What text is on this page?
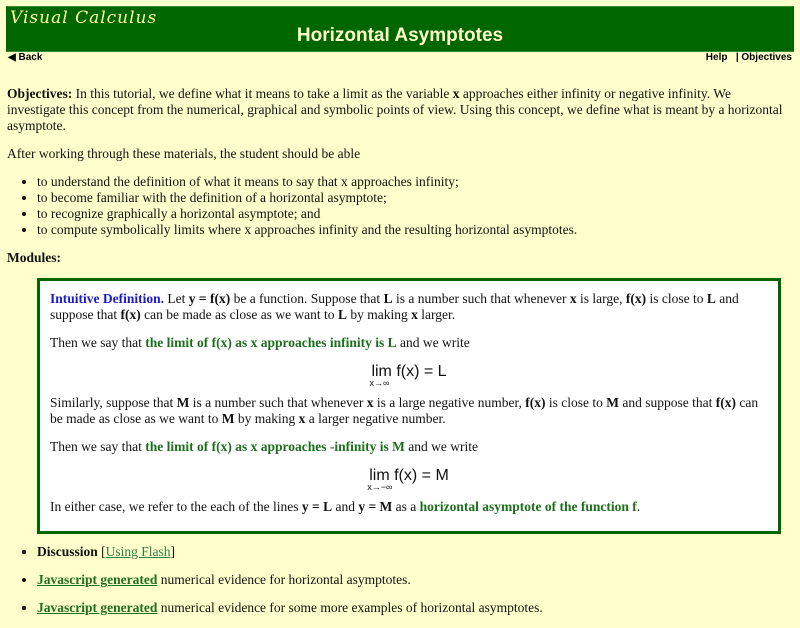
Visual Calculus
Horizontal Asymptotes
◀ Back	Help | Objectives

Objectives: In this tutorial, we define what it means to take a limit as the variable x approaches either infinity or negative infinity. We investigate this concept from the numerical, graphical and symbolic points of view. Using this concept, we define what is meant by a horizontal asymptote.

After working through these materials, the student should be able

• to understand the definition of what it means to say that x approaches infinity;
• to become familiar with the definition of a horizontal asymptote;
• to recognize graphically a horizontal asymptote; and
• to compute symbolically limits where x approaches infinity and the resulting horizontal asymptotes.

Modules:

Intuitive Definition. Let y = f(x) be a function. Suppose that L is a number such that whenever x is large, f(x) is close to L and suppose that f(x) can be made as close as we want to L by making x larger.

Then we say that the limit of f(x) as x approaches infinity is L and we write

lim
x→∞
f(x) = L

Similarly, suppose that M is a number such that whenever x is a large negative number, f(x) is close to M and suppose that f(x) can be made as close as we want to M by making x a larger negative number.

Then we say that the limit of f(x) as x approaches -infinity is M and we write

lim
x→−∞
f(x) = M

In either case, we refer to the each of the lines y = L and y = M as a horizontal asymptote of the function f.

• Discussion [Using Flash]
• Javascript generated numerical evidence for horizontal asymptotes.
• Javascript generated numerical evidence for some more examples of horizontal asymptotes.
